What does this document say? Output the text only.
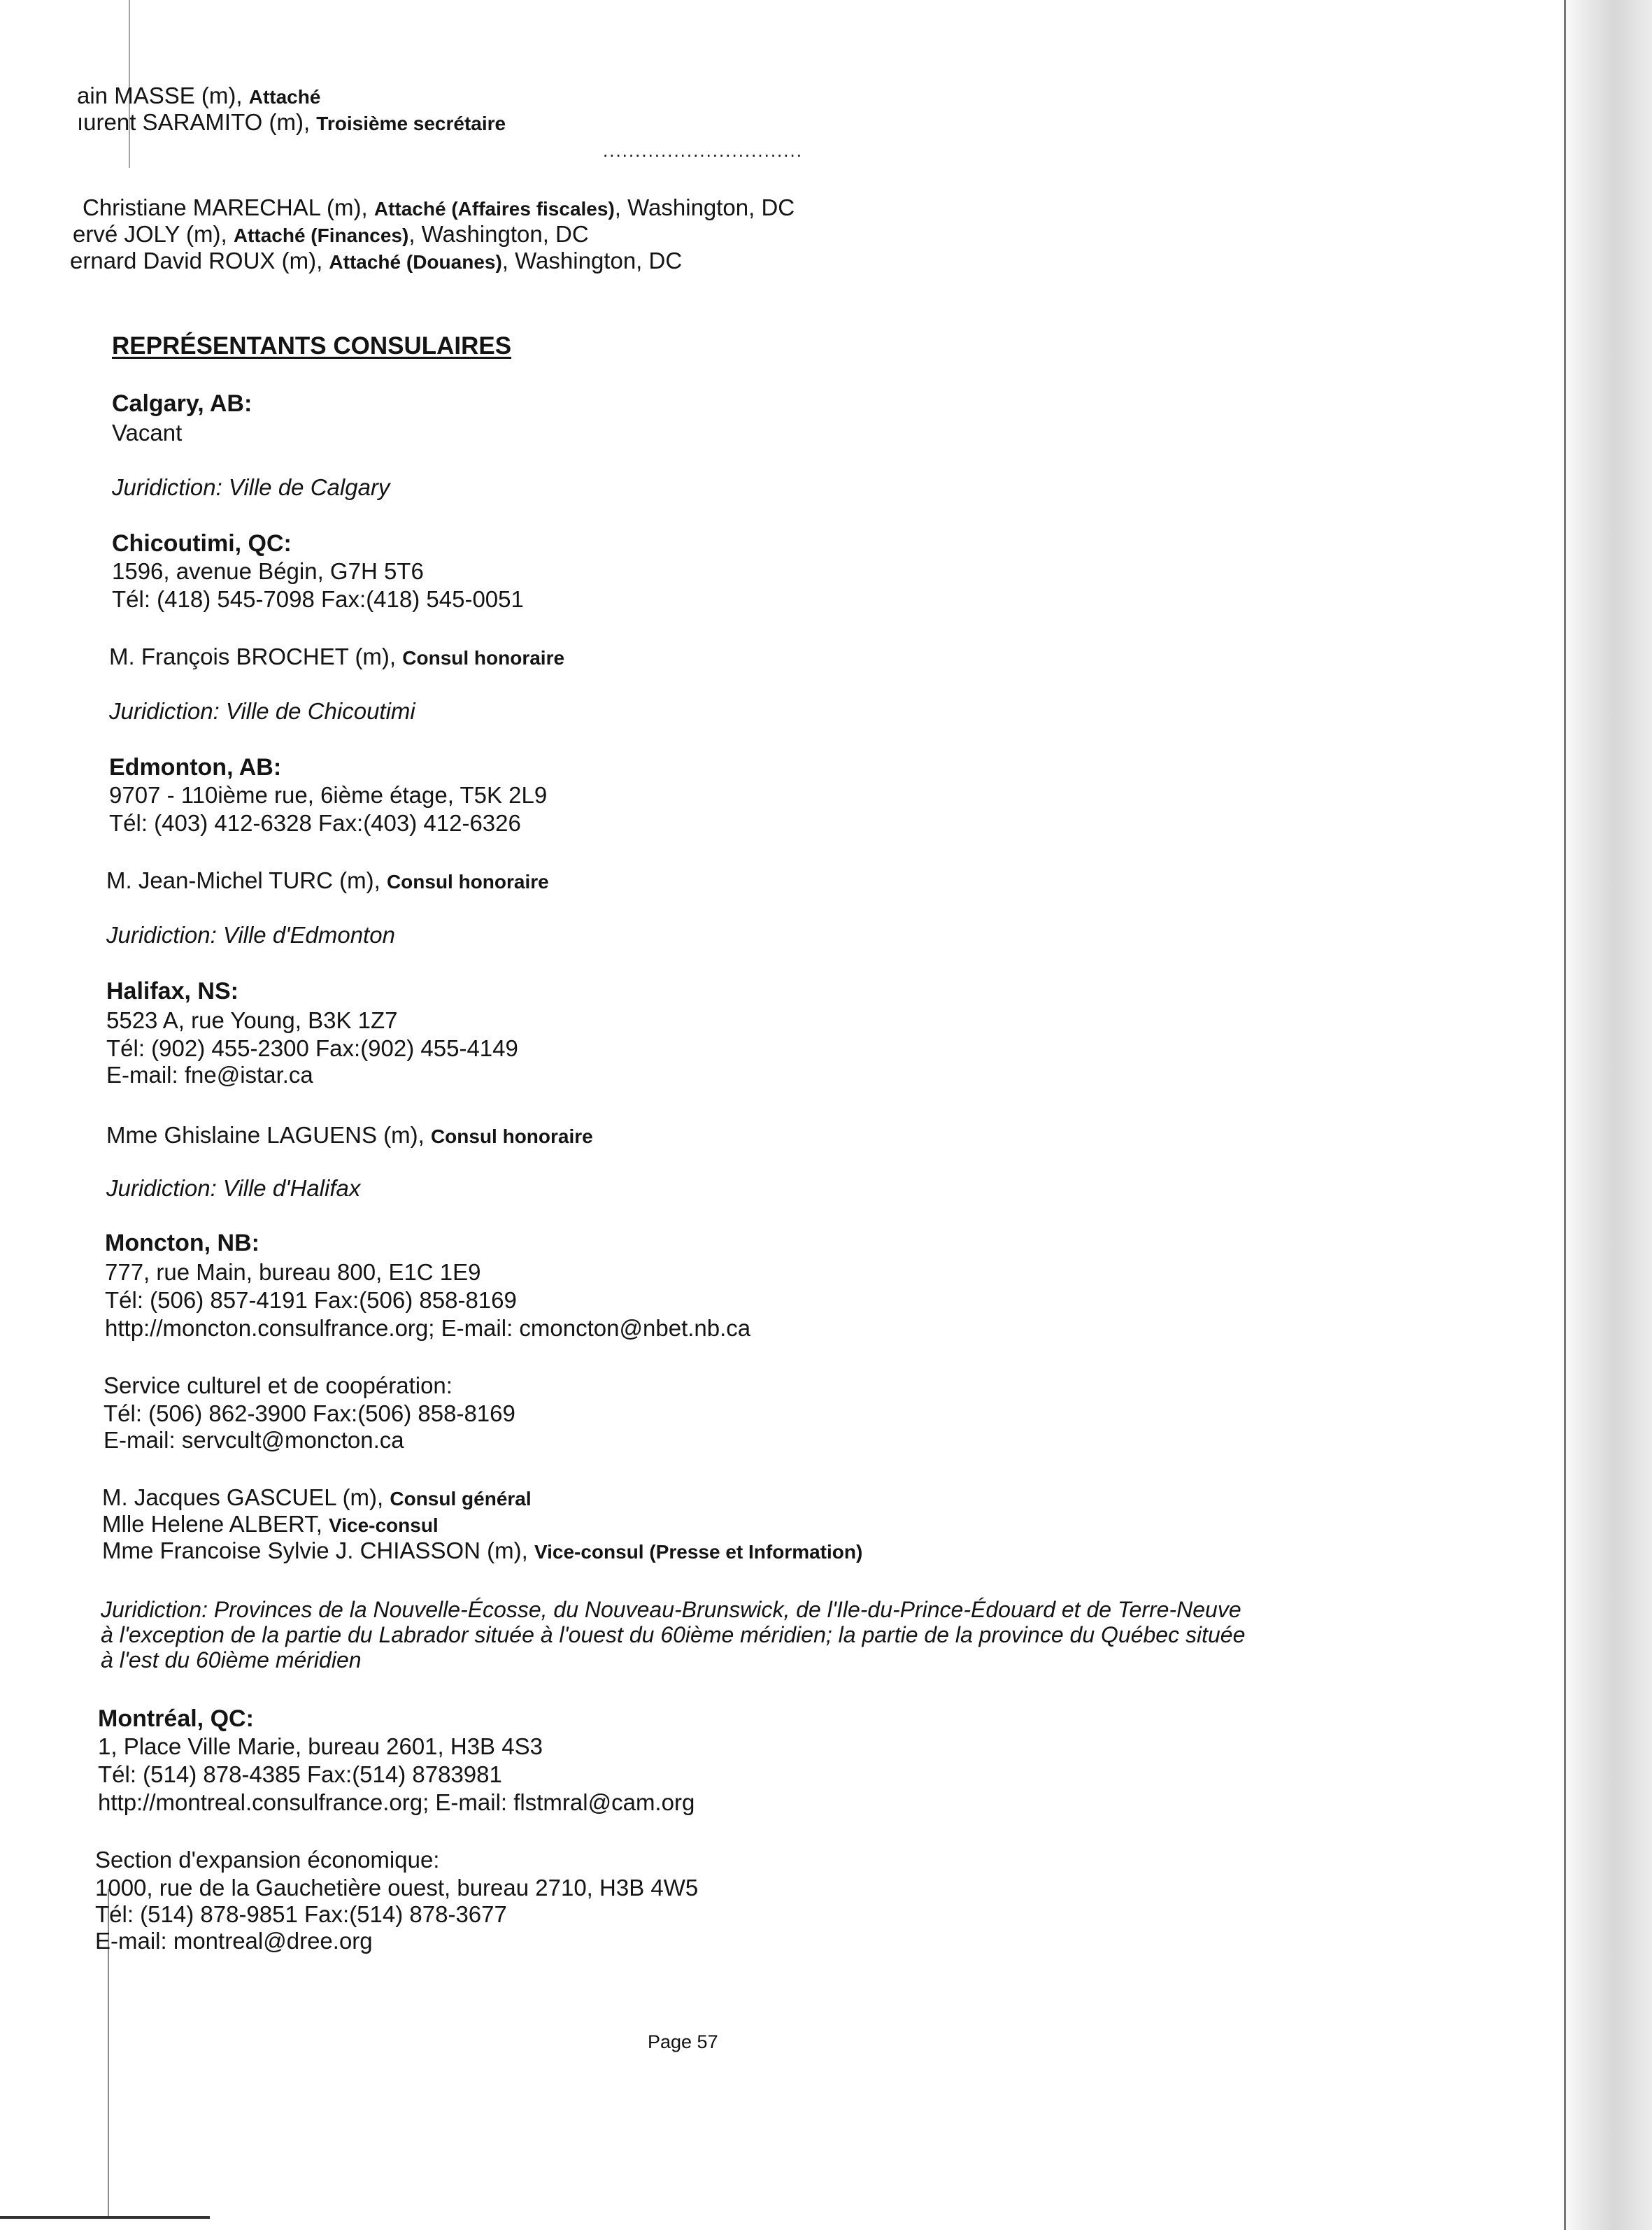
ain MASSE (m), Attaché
ıurent SARAMITO (m), Troisième secrétaire
...............................
Christiane MARECHAL (m), Attaché (Affaires fiscales), Washington, DC
ervé JOLY (m), Attaché (Finances), Washington, DC
ernard David ROUX (m), Attaché (Douanes), Washington, DC
REPRÉSENTANTS CONSULAIRES
Calgary, AB:
Vacant
Juridiction: Ville de Calgary
Chicoutimi, QC:
1596, avenue Bégin, G7H 5T6
Tél: (418) 545-7098 Fax:(418) 545-0051
M. François BROCHET (m), Consul honoraire
Juridiction: Ville de Chicoutimi
Edmonton, AB:
9707 - 110ième rue, 6ième étage, T5K 2L9
Tél: (403) 412-6328 Fax:(403) 412-6326
M. Jean-Michel TURC (m), Consul honoraire
Juridiction: Ville d'Edmonton
Halifax, NS:
5523 A, rue Young, B3K 1Z7
Tél: (902) 455-2300 Fax:(902) 455-4149
E-mail: fne@istar.ca
Mme Ghislaine LAGUENS (m), Consul honoraire
Juridiction: Ville d'Halifax
Moncton, NB:
777, rue Main, bureau 800, E1C 1E9
Tél: (506) 857-4191 Fax:(506) 858-8169
http://moncton.consulfrance.org; E-mail: cmoncton@nbet.nb.ca
Service culturel et de coopération:
Tél: (506) 862-3900 Fax:(506) 858-8169
E-mail: servcult@moncton.ca
M. Jacques GASCUEL (m), Consul général
Mlle Helene ALBERT, Vice-consul
Mme Francoise Sylvie J. CHIASSON (m), Vice-consul (Presse et Information)
Juridiction: Provinces de la Nouvelle-Écosse, du Nouveau-Brunswick, de l'Ile-du-Prince-Édouard et de Terre-Neuve
à l'exception de la partie du Labrador située à l'ouest du 60ième méridien; la partie de la province du Québec située
à l'est du 60ième méridien
Montréal, QC:
1, Place Ville Marie, bureau 2601, H3B 4S3
Tél: (514) 878-4385 Fax:(514) 8783981
http://montreal.consulfrance.org; E-mail: flstmral@cam.org
Section d'expansion économique:
1000, rue de la Gauchetière ouest, bureau 2710, H3B 4W5
Tél: (514) 878-9851 Fax:(514) 878-3677
E-mail: montreal@dree.org
Page 57
